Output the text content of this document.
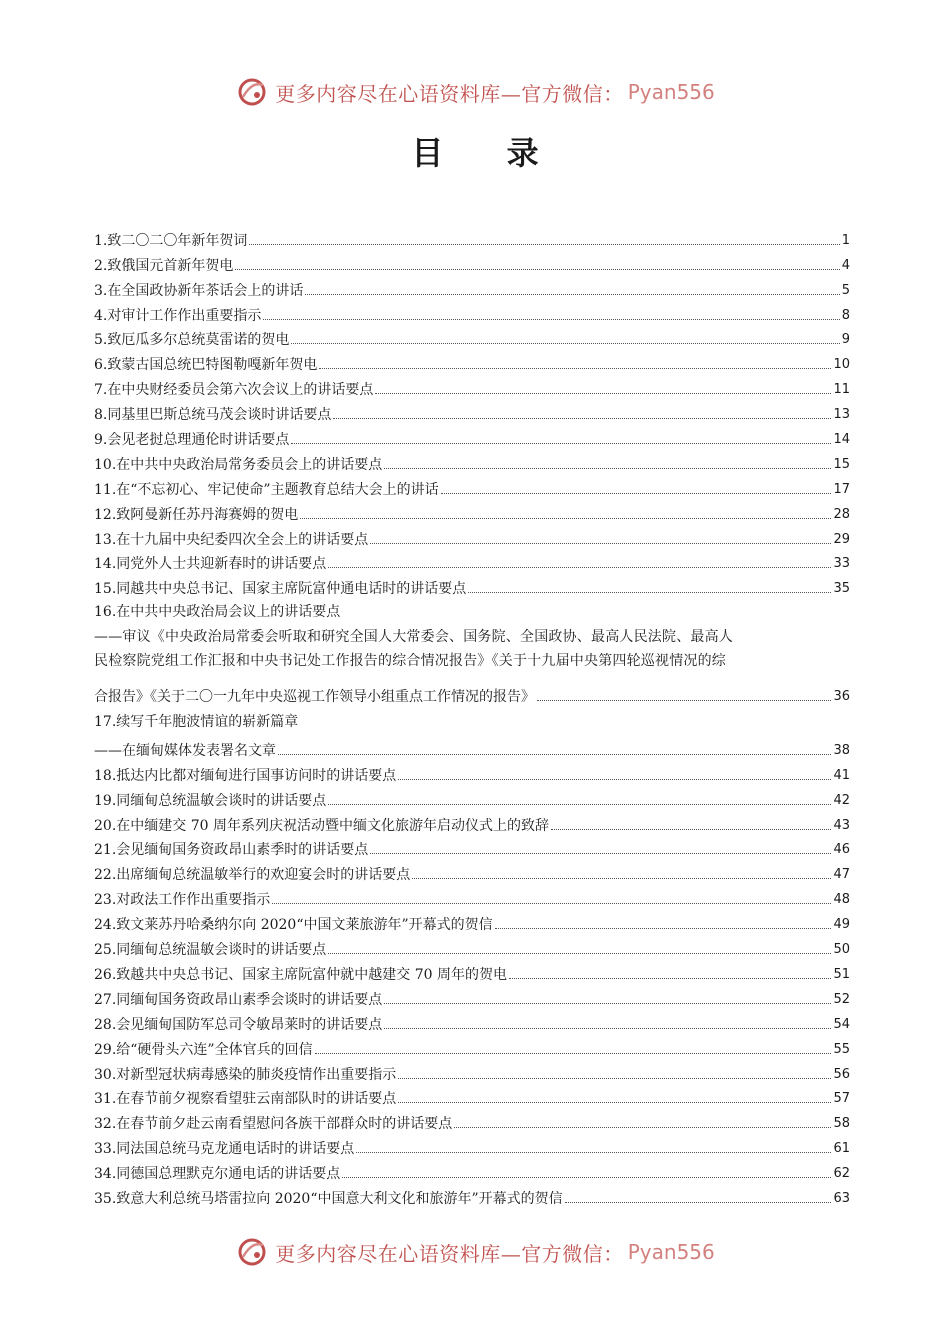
更多内容尽在心语资料库—官方微信： Pyan556
目 录
1.致二〇二〇年新年贺词	1
2.致俄国元首新年贺电	4
3.在全国政协新年茶话会上的讲话	5
4.对审计工作作出重要指示	8
5.致厄瓜多尔总统莫雷诺的贺电	9
6.致蒙古国总统巴特图勒嘎新年贺电	10
7.在中央财经委员会第六次会议上的讲话要点	11
8.同基里巴斯总统马茂会谈时讲话要点	13
9.会见老挝总理通伦时讲话要点	14
10.在中共中央政治局常务委员会上的讲话要点	15
11.在“不忘初心、牢记使命”主题教育总结大会上的讲话	17
12.致阿曼新任苏丹海赛姆的贺电	28
13.在十九届中央纪委四次全会上的讲话要点	29
14.同党外人士共迎新春时的讲话要点	33
15.同越共中央总书记、国家主席阮富仲通电话时的讲话要点	35
16.在中共中央政治局会议上的讲话要点
——审议《中央政治局常委会听取和研究全国人大常委会、国务院、全国政协、最高人民法院、最高人
民检察院党组工作汇报和中央书记处工作报告的综合情况报告》《关于十九届中央第四轮巡视情况的综
合报告》《关于二〇一九年中央巡视工作领导小组重点工作情况的报告》	36
17.续写千年胞波情谊的崭新篇章
——在缅甸媒体发表署名文章	38
18.抵达内比都对缅甸进行国事访问时的讲话要点	41
19.同缅甸总统温敏会谈时的讲话要点	42
20.在中缅建交 70 周年系列庆祝活动暨中缅文化旅游年启动仪式上的致辞	43
21.会见缅甸国务资政昂山素季时的讲话要点	46
22.出席缅甸总统温敏举行的欢迎宴会时的讲话要点	47
23.对政法工作作出重要指示	48
24.致文莱苏丹哈桑纳尔向 2020“中国文莱旅游年”开幕式的贺信	49
25.同缅甸总统温敏会谈时的讲话要点	50
26.致越共中央总书记、国家主席阮富仲就中越建交 70 周年的贺电	51
27.同缅甸国务资政昂山素季会谈时的讲话要点	52
28.会见缅甸国防军总司令敏昂莱时的讲话要点	54
29.给“硬骨头六连”全体官兵的回信	55
30.对新型冠状病毒感染的肺炎疫情作出重要指示	56
31.在春节前夕视察看望驻云南部队时的讲话要点	57
32.在春节前夕赴云南看望慰问各族干部群众时的讲话要点	58
33.同法国总统马克龙通电话时的讲话要点	61
34.同德国总理默克尔通电话的讲话要点	62
35.致意大利总统马塔雷拉向 2020“中国意大利文化和旅游年”开幕式的贺信	63
更多内容尽在心语资料库—官方微信： Pyan556
